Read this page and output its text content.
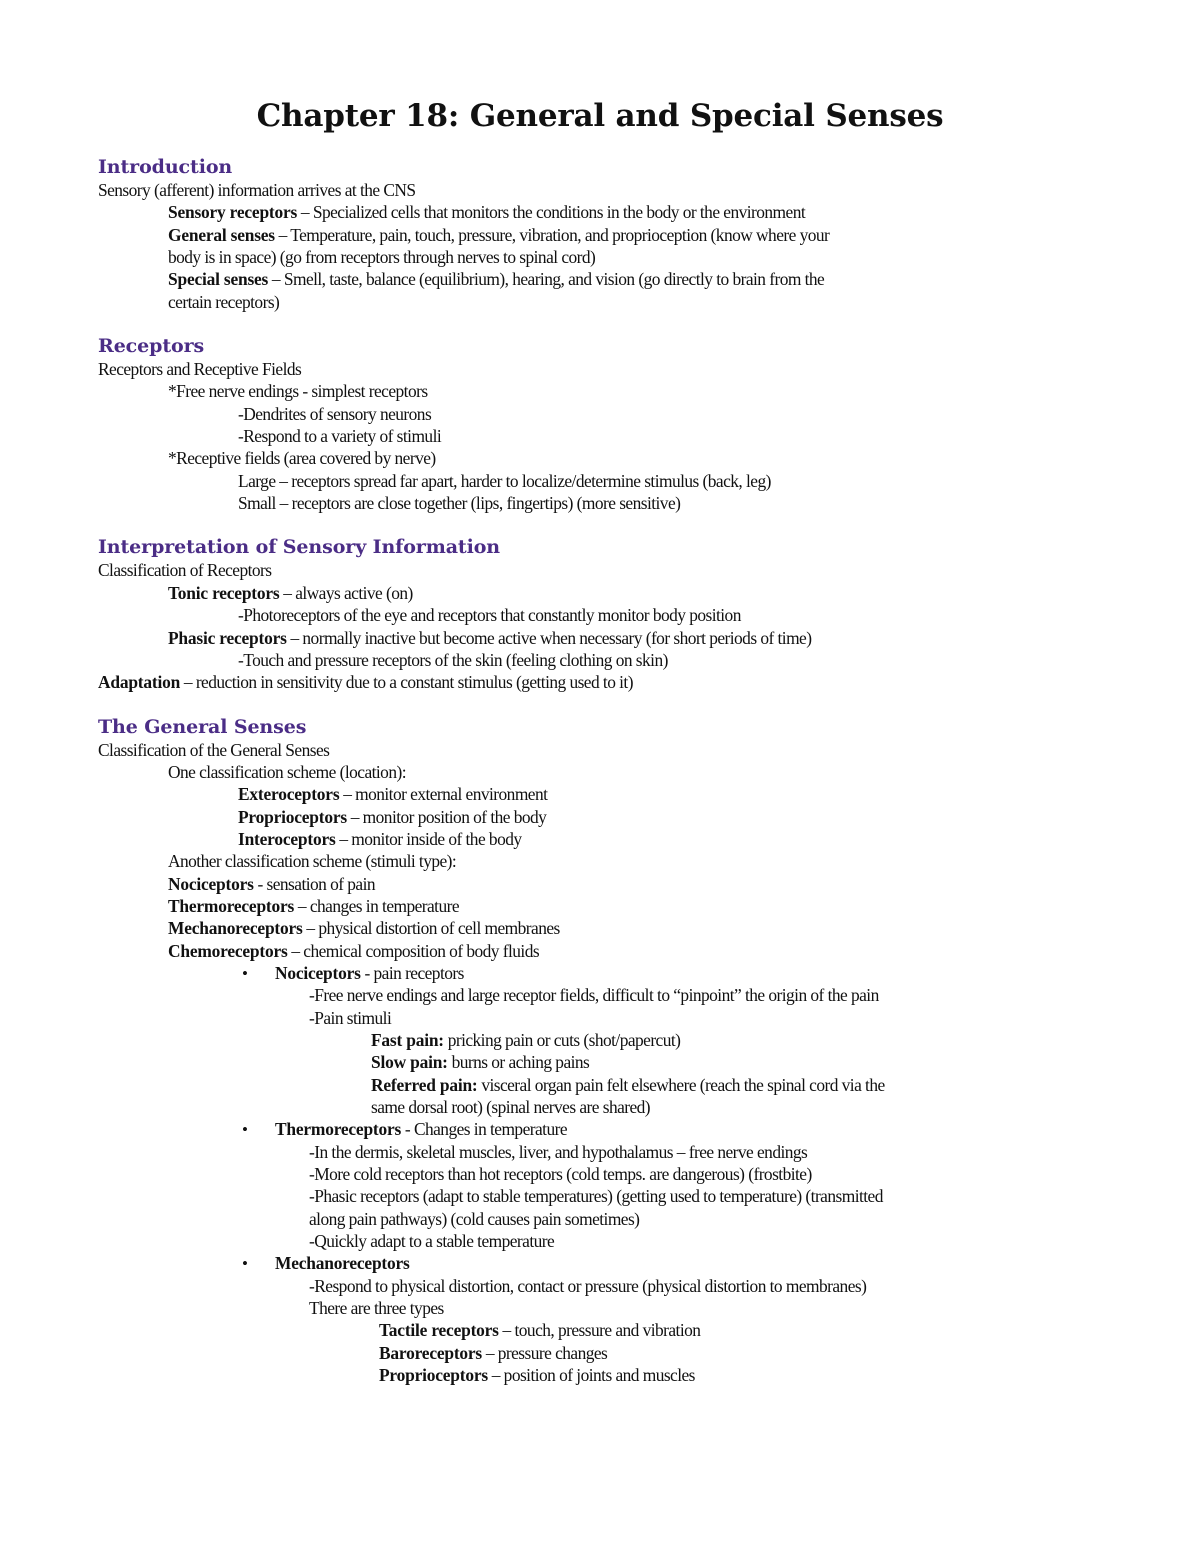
Chapter 18: General and Special Senses
Introduction
Sensory (afferent) information arrives at the CNS
Sensory receptors – Specialized cells that monitors the conditions in the body or the environment
General senses – Temperature, pain, touch, pressure, vibration, and proprioception (know where your
body is in space) (go from receptors through nerves to spinal cord)
Special senses – Smell, taste, balance (equilibrium), hearing, and vision (go directly to brain from the
certain receptors)
Receptors
Receptors and Receptive Fields
*Free nerve endings - simplest receptors
-Dendrites of sensory neurons
-Respond to a variety of stimuli
*Receptive fields (area covered by nerve)
Large – receptors spread far apart, harder to localize/determine stimulus (back, leg)
Small – receptors are close together (lips, fingertips) (more sensitive)
Interpretation of Sensory Information
Classification of Receptors
Tonic receptors – always active (on)
-Photoreceptors of the eye and receptors that constantly monitor body position
Phasic receptors – normally inactive but become active when necessary (for short periods of time)
-Touch and pressure receptors of the skin (feeling clothing on skin)
Adaptation – reduction in sensitivity due to a constant stimulus (getting used to it)
The General Senses
Classification of the General Senses
One classification scheme (location):
Exteroceptors – monitor external environment
Proprioceptors – monitor position of the body
Interoceptors – monitor inside of the body
Another classification scheme (stimuli type):
Nociceptors - sensation of pain
Thermoreceptors – changes in temperature
Mechanoreceptors – physical distortion of cell membranes
Chemoreceptors – chemical composition of body fluids
• Nociceptors - pain receptors
-Free nerve endings and large receptor fields, difficult to “pinpoint” the origin of the pain
-Pain stimuli
Fast pain: pricking pain or cuts (shot/papercut)
Slow pain: burns or aching pains
Referred pain: visceral organ pain felt elsewhere (reach the spinal cord via the
same dorsal root) (spinal nerves are shared)
• Thermoreceptors - Changes in temperature
-In the dermis, skeletal muscles, liver, and hypothalamus – free nerve endings
-More cold receptors than hot receptors (cold temps. are dangerous) (frostbite)
-Phasic receptors (adapt to stable temperatures) (getting used to temperature) (transmitted
along pain pathways) (cold causes pain sometimes)
-Quickly adapt to a stable temperature
• Mechanoreceptors
-Respond to physical distortion, contact or pressure (physical distortion to membranes)
There are three types
Tactile receptors – touch, pressure and vibration
Baroreceptors – pressure changes
Proprioceptors – position of joints and muscles
